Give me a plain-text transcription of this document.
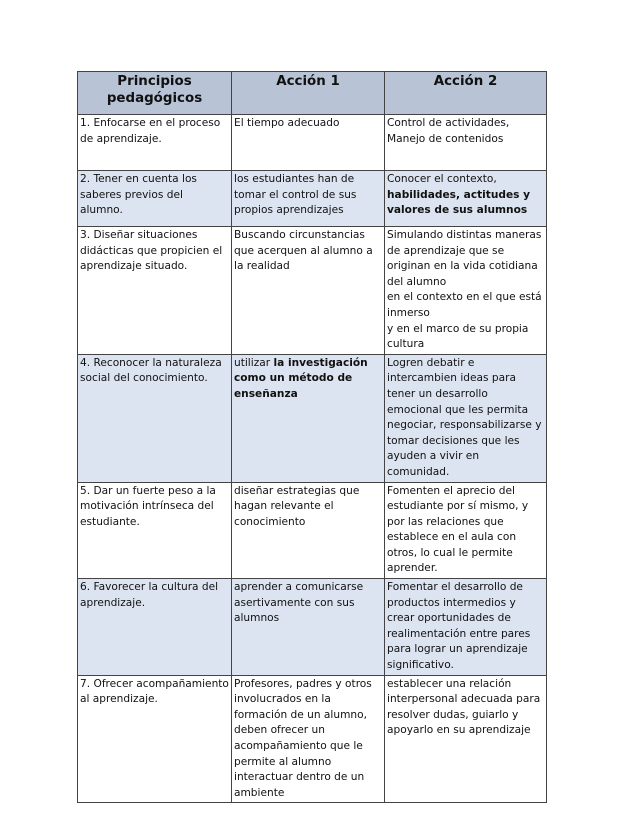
Principios pedagógicos	Acción 1	Acción 2
1. Enfocarse en el proceso de aprendizaje.	El tiempo adecuado	Control de actividades, Manejo de contenidos
2. Tener en cuenta los saberes previos del alumno.	los estudiantes han de tomar el control de sus propios aprendizajes	Conocer el contexto, habilidades, actitudes y valores de sus alumnos
3. Diseñar situaciones didácticas que propicien el aprendizaje situado.	Buscando circunstancias que acerquen al alumno a la realidad	Simulando distintas maneras de aprendizaje que se originan en la vida cotidiana del alumno
en el contexto en el que está inmerso
y en el marco de su propia cultura

4. Reconocer la naturaleza social del conocimiento.	utilizar la investigación como un método de enseñanza	Logren debatir e intercambien ideas para tener un desarrollo emocional que les permita negociar, responsabilizarse y tomar decisiones que les ayuden a vivir en comunidad.
5. Dar un fuerte peso a la motivación intrínseca del estudiante.	diseñar estrategias que hagan relevante el conocimiento	Fomenten el aprecio del estudiante por sí mismo, y por las relaciones que establece en el aula con otros, lo cual le permite aprender.
6. Favorecer la cultura del aprendizaje.	aprender a comunicarse asertivamente con sus alumnos	Fomentar el desarrollo de productos intermedios y crear oportunidades de realimentación entre pares para lograr un aprendizaje significativo.
7. Ofrecer acompañamiento al aprendizaje.	Profesores, padres y otros involucrados en la formación de un alumno, deben ofrecer un acompañamiento que le permite al alumno interactuar dentro de un ambiente	establecer una relación interpersonal adecuada para resolver dudas, guiarlo y apoyarlo en su aprendizaje
